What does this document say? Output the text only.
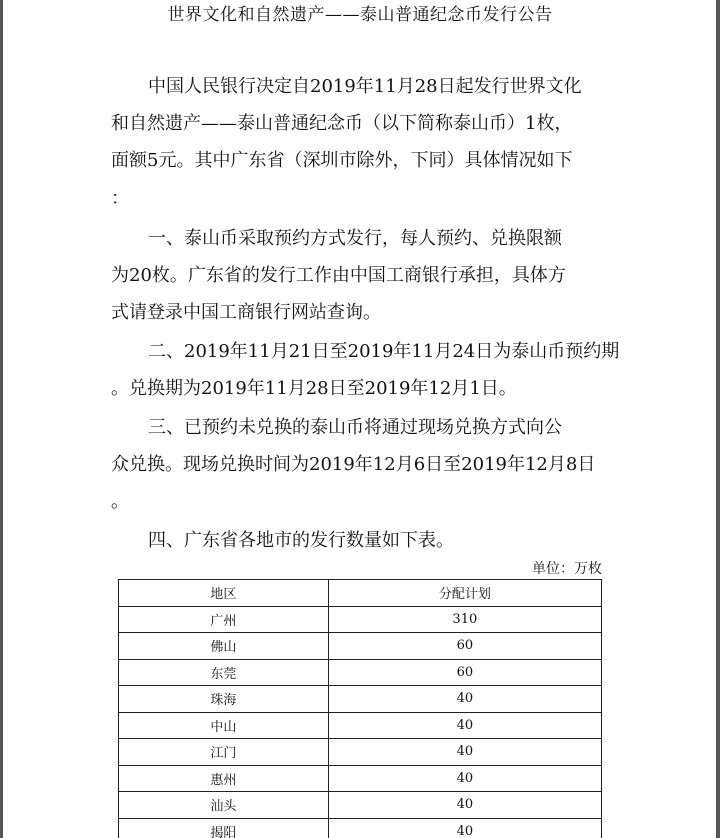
世界文化和自然遗产——泰山普通纪念币发行公告
中国人民银行决定自2019年11月28日起发行世界文化
和自然遗产——泰山普通纪念币（以下简称泰山币）1枚，
面额5元。其中广东省（深圳市除外，下同）具体情况如下
：
一、泰山币采取预约方式发行，每人预约、兑换限额
为20枚。广东省的发行工作由中国工商银行承担，具体方
式请登录中国工商银行网站查询。
二、2019年11月21日至2019年11月24日为泰山币预约期
。兑换期为2019年11月28日至2019年12月1日。
三、已预约未兑换的泰山币将通过现场兑换方式向公
众兑换。现场兑换时间为2019年12月6日至2019年12月8日
。
四、广东省各地市的发行数量如下表。
单位：万枚
地区	分配计划
广州	310
佛山	60
东莞	60
珠海	40
中山	40
江门	40
惠州	40
汕头	40
揭阳	40
